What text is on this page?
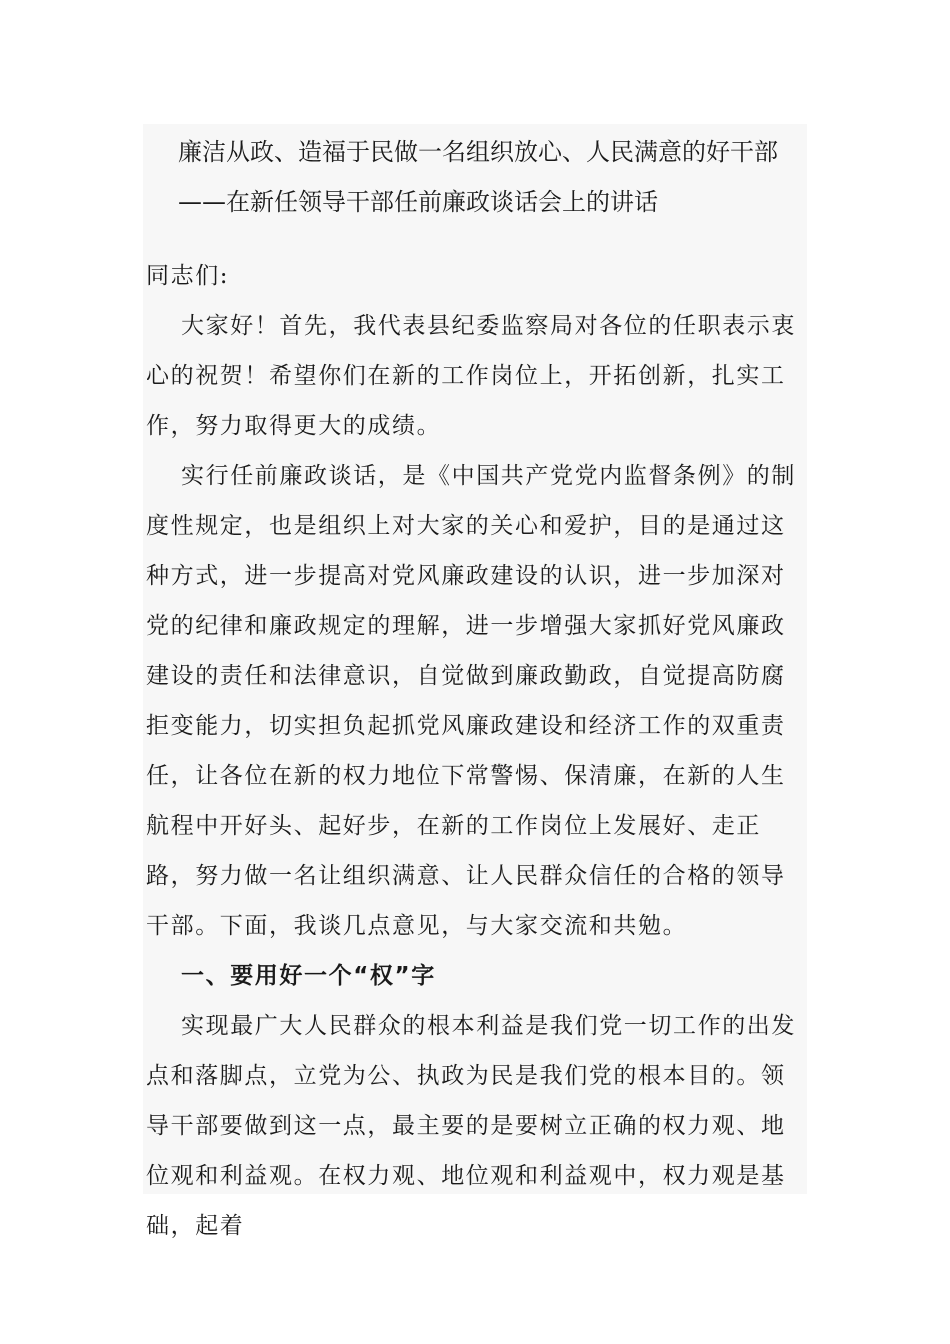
廉洁从政、造福于民做一名组织放心、人民满意的好干部
——在新任领导干部任前廉政谈话会上的讲话

同志们:

大家好！首先，我代表县纪委监察局对各位的任职表示衷心的祝贺！希望你们在新的工作岗位上，开拓创新，扎实工作，努力取得更大的成绩。

实行任前廉政谈话，是《中国共产党党内监督条例》的制度性规定，也是组织上对大家的关心和爱护，目的是通过这种方式，进一步提高对党风廉政建设的认识，进一步加深对党的纪律和廉政规定的理解，进一步增强大家抓好党风廉政建设的责任和法律意识，自觉做到廉政勤政，自觉提高防腐拒变能力，切实担负起抓党风廉政建设和经济工作的双重责任，让各位在新的权力地位下常警惕、保清廉，在新的人生航程中开好头、起好步，在新的工作岗位上发展好、走正路，努力做一名让组织满意、让人民群众信任的合格的领导干部。下面，我谈几点意见，与大家交流和共勉。

一、要用好一个“权”字

实现最广大人民群众的根本利益是我们党一切工作的出发点和落脚点，立党为公、执政为民是我们党的根本目的。领导干部要做到这一点，最主要的是要树立正确的权力观、地位观和利益观。在权力观、地位观和利益观中，权力观是基础，起着
